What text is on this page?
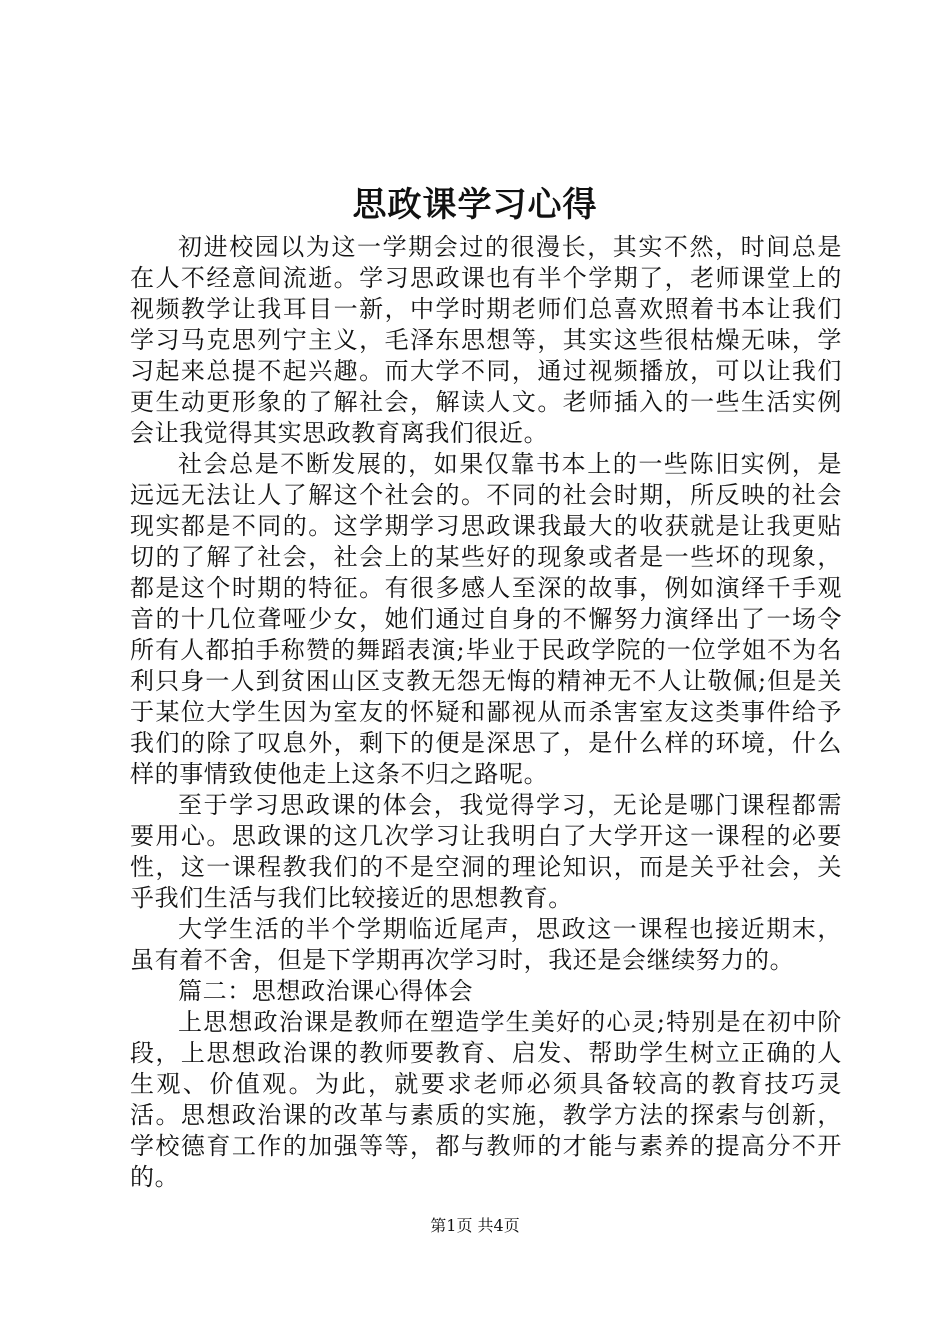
思政课学习心得

初进校园以为这一学期会过的很漫长，其实不然，时间总是在人不经意间流逝。学习思政课也有半个学期了，老师课堂上的视频教学让我耳目一新，中学时期老师们总喜欢照着书本让我们学习马克思列宁主义，毛泽东思想等，其实这些很枯燥无味，学习起来总提不起兴趣。而大学不同，通过视频播放，可以让我们更生动更形象的了解社会，解读人文。老师插入的一些生活实例会让我觉得其实思政教育离我们很近。

社会总是不断发展的，如果仅靠书本上的一些陈旧实例，是远远无法让人了解这个社会的。不同的社会时期，所反映的社会现实都是不同的。这学期学习思政课我最大的收获就是让我更贴切的了解了社会，社会上的某些好的现象或者是一些坏的现象，都是这个时期的特征。有很多感人至深的故事，例如演绎千手观音的十几位聋哑少女，她们通过自身的不懈努力演绎出了一场令所有人都拍手称赞的舞蹈表演;毕业于民政学院的一位学姐不为名利只身一人到贫困山区支教无怨无悔的精神无不人让敬佩;但是关于某位大学生因为室友的怀疑和鄙视从而杀害室友这类事件给予我们的除了叹息外，剩下的便是深思了，是什么样的环境，什么样的事情致使他走上这条不归之路呢。

至于学习思政课的体会，我觉得学习，无论是哪门课程都需要用心。思政课的这几次学习让我明白了大学开这一课程的必要性，这一课程教我们的不是空洞的理论知识，而是关乎社会，关乎我们生活与我们比较接近的思想教育。

大学生活的半个学期临近尾声，思政这一课程也接近期末，虽有着不舍，但是下学期再次学习时，我还是会继续努力的。

篇二：思想政治课心得体会

上思想政治课是教师在塑造学生美好的心灵;特别是在初中阶段，上思想政治课的教师要教育、启发、帮助学生树立正确的人生观、价值观。为此，就要求老师必须具备较高的教育技巧灵活。思想政治课的改革与素质的实施，教学方法的探索与创新，学校德育工作的加强等等，都与教师的才能与素养的提高分不开的。

第1页 共4页
